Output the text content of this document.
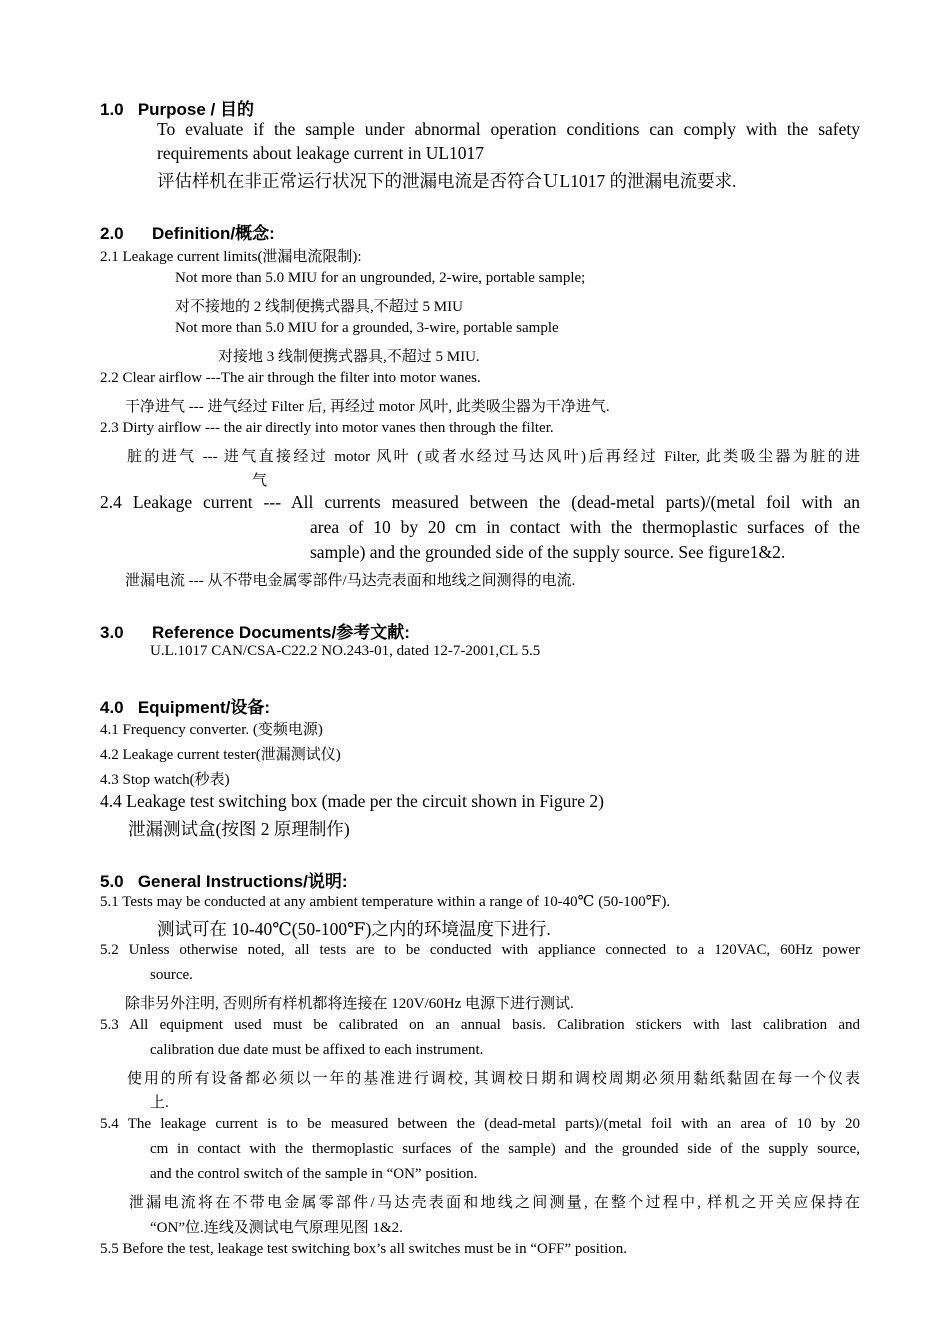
1.0 Purpose / 目的
To evaluate if the sample under abnormal operation conditions can comply with the safety
requirements about leakage current in UL1017
评估样机在非正常运行状况下的泄漏电流是否符合ＵL1017 的泄漏电流要求.
2.0 Definition/概念:
2.1 Leakage current limits(泄漏电流限制):
Not more than 5.0 MIU for an ungrounded, 2-wire, portable sample;
对不接地的 2 线制便携式器具,不超过 5 MIU
Not more than 5.0 MIU for a grounded, 3-wire, portable sample
对接地 3 线制便携式器具,不超过 5 MIU.
2.2 Clear airflow ---The air through the filter into motor wanes.
干净进气 --- 进气经过 Filter 后, 再经过 motor 风叶, 此类吸尘器为干净进气.
2.3 Dirty airflow --- the air directly into motor vanes then through the filter.
脏的进气 --- 进气直接经过 motor 风叶 (或者水经过马达风叶)后再经过 Filter, 此类吸尘器为脏的进
气
2.4 Leakage current --- All currents measured between the (dead-metal parts)/(metal foil with an
area of 10 by 20 cm in contact with the thermoplastic surfaces of the
sample) and the grounded side of the supply source. See figure1&2.
泄漏电流 --- 从不带电金属零部件/马达壳表面和地线之间测得的电流.
3.0 Reference Documents/参考文献:
U.L.1017 CAN/CSA-C22.2 NO.243-01, dated 12-7-2001,CL 5.5
4.0 Equipment/设备:
4.1 Frequency converter. (变频电源)
4.2 Leakage current tester(泄漏测试仪)
4.3 Stop watch(秒表)
4.4 Leakage test switching box (made per the circuit shown in Figure 2)
泄漏测试盒(按图 2 原理制作)
5.0 General Instructions/说明:
5.1 Tests may be conducted at any ambient temperature within a range of 10-40℃ (50-100℉).
测试可在 10-40℃(50-100℉)之内的环境温度下进行.
5.2 Unless otherwise noted, all tests are to be conducted with appliance connected to a 120VAC, 60Hz power
source.
除非另外注明, 否则所有样机都将连接在 120V/60Hz 电源下进行测试.
5.3 All equipment used must be calibrated on an annual basis. Calibration stickers with last calibration and
calibration due date must be affixed to each instrument.
使用的所有设备都必须以一年的基准进行调校, 其调校日期和调校周期必须用黏纸黏固在每一个仪表
上.
5.4 The leakage current is to be measured between the (dead-metal parts)/(metal foil with an area of 10 by 20
cm in contact with the thermoplastic surfaces of the sample) and the grounded side of the supply source,
and the control switch of the sample in “ON” position.
泄漏电流将在不带电金属零部件/马达壳表面和地线之间测量, 在整个过程中, 样机之开关应保持在
“ON”位.连线及测试电气原理见图 1&2.
5.5 Before the test, leakage test switching box’s all switches must be in “OFF” position.
